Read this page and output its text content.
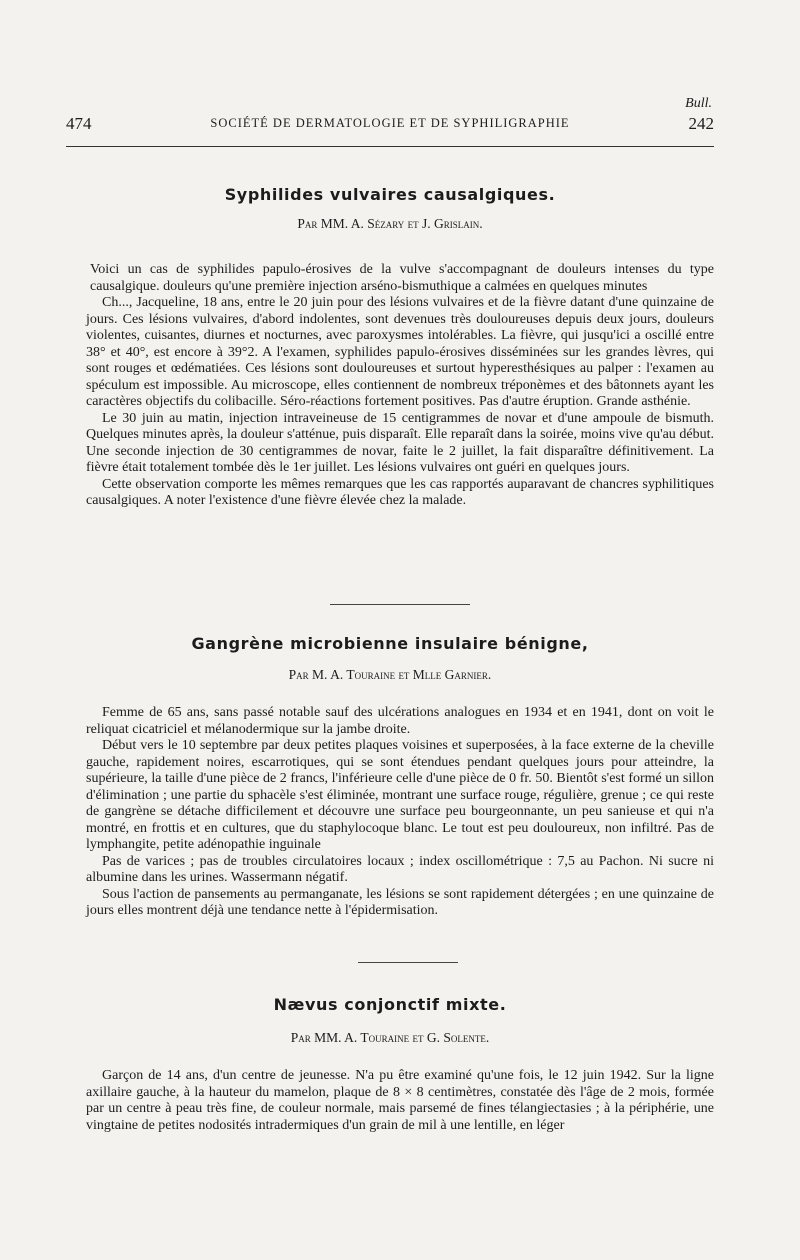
Bull.
474	SOCIÉTÉ DE DERMATOLOGIE ET DE SYPHILIGRAPHIE	242
Syphilides vulvaires causalgiques.
Par MM. A. Sézary et J. Grislain.

Voici un cas de syphilides papulo-érosives de la vulve s'accompagnant de douleurs intenses du type causalgique. douleurs qu'une première injection arséno-bismuthique a calmées en quelques minutes

Ch..., Jacqueline, 18 ans, entre le 20 juin pour des lésions vulvaires et de la fièvre datant d'une quinzaine de jours. Ces lésions vulvaires, d'abord indolentes, sont devenues très douloureuses depuis deux jours, douleurs violentes, cuisantes, diurnes et nocturnes, avec paroxysmes intolérables. La fièvre, qui jusqu'ici a oscillé entre 38° et 40°, est encore à 39°2. A l'examen, syphilides papulo-érosives disséminées sur les grandes lèvres, qui sont rouges et œdématiées. Ces lésions sont douloureuses et surtout hyperesthésiques au palper : l'examen au spéculum est impossible. Au microscope, elles contiennent de nombreux tréponèmes et des bâtonnets ayant les caractères objectifs du colibacille. Séro-réactions fortement positives. Pas d'autre éruption. Grande asthénie.

Le 30 juin au matin, injection intraveineuse de 15 centigrammes de novar et d'une ampoule de bismuth. Quelques minutes après, la douleur s'atténue, puis disparaît. Elle reparaît dans la soirée, moins vive qu'au début. Une seconde injection de 30 centigrammes de novar, faite le 2 juillet, la fait disparaître définitivement. La fièvre était totalement tombée dès le 1er juillet. Les lésions vulvaires ont guéri en quelques jours.

Cette observation comporte les mêmes remarques que les cas rapportés auparavant de chancres syphilitiques causalgiques. A noter l'existence d'une fièvre élevée chez la malade.

Gangrène microbienne insulaire bénigne,
Par M. A. Touraine et Mlle Garnier.

Femme de 65 ans, sans passé notable sauf des ulcérations analogues en 1934 et en 1941, dont on voit le reliquat cicatriciel et mélanodermique sur la jambe droite.

Début vers le 10 septembre par deux petites plaques voisines et superposées, à la face externe de la cheville gauche, rapidement noires, escarrotiques, qui se sont étendues pendant quelques jours pour atteindre, la supérieure, la taille d'une pièce de 2 francs, l'inférieure celle d'une pièce de 0 fr. 50. Bientôt s'est formé un sillon d'élimination ; une partie du sphacèle s'est éliminée, montrant une surface rouge, régulière, grenue ; ce qui reste de gangrène se détache difficilement et découvre une surface peu bourgeonnante, un peu sanieuse et qui n'a montré, en frottis et en cultures, que du staphylocoque blanc. Le tout est peu douloureux, non infiltré. Pas de lymphangite, petite adénopathie inguinale

Pas de varices ; pas de troubles circulatoires locaux ; index oscillométrique : 7,5 au Pachon. Ni sucre ni albumine dans les urines. Wassermann négatif.

Sous l'action de pansements au permanganate, les lésions se sont rapidement détergées ; en une quinzaine de jours elles montrent déjà une tendance nette à l'épidermisation.

Nævus conjonctif mixte.
Par MM. A. Touraine et G. Solente.

Garçon de 14 ans, d'un centre de jeunesse. N'a pu être examiné qu'une fois, le 12 juin 1942. Sur la ligne axillaire gauche, à la hauteur du mamelon, plaque de 8 × 8 centimètres, constatée dès l'âge de 2 mois, formée par un centre à peau très fine, de couleur normale, mais parsemé de fines télangiectasies ; à la périphérie, une vingtaine de petites nodosités intradermiques d'un grain de mil à une lentille, en léger
